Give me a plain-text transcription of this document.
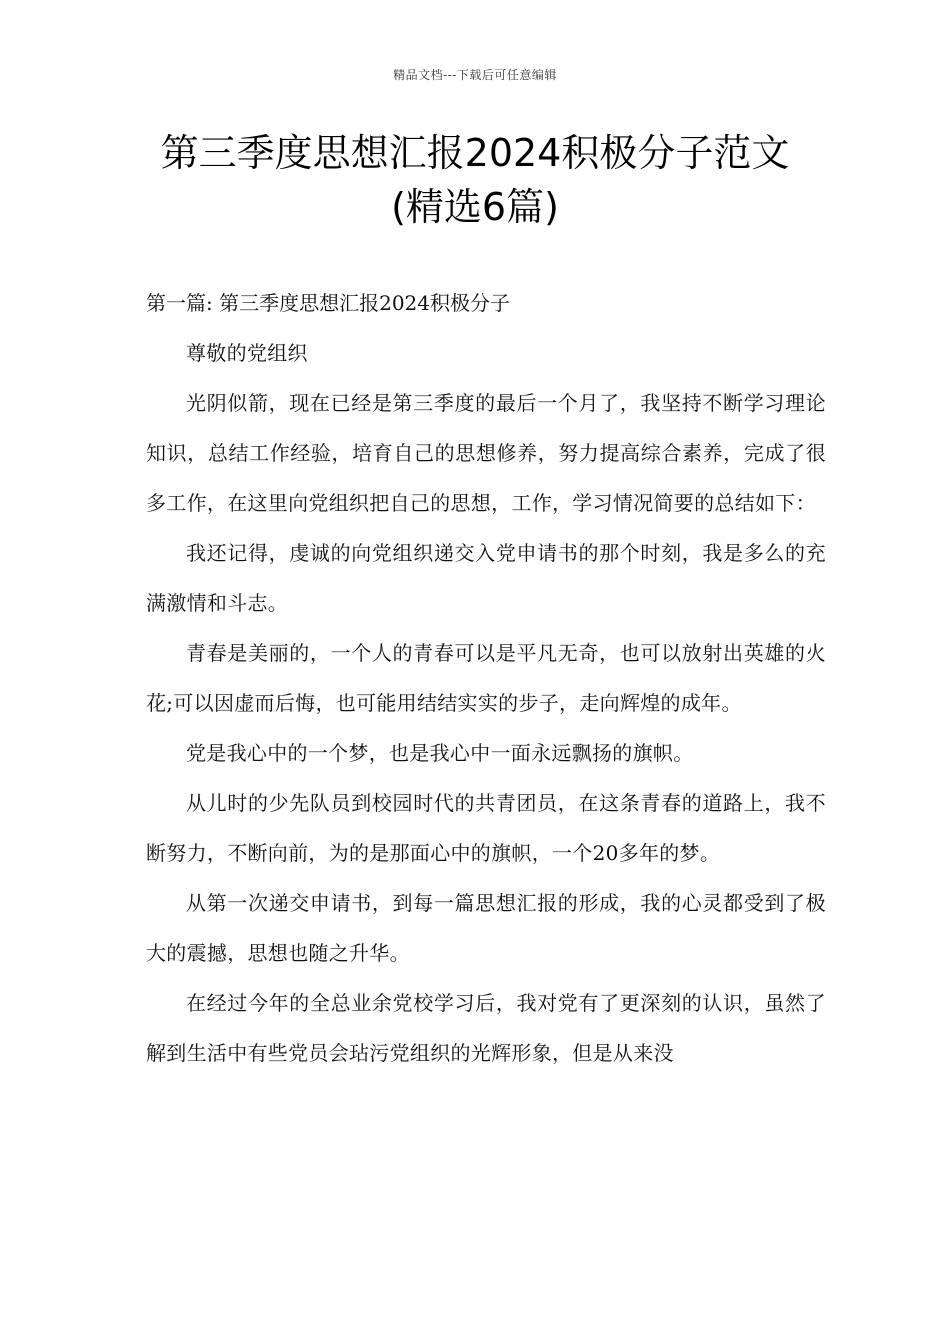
精品文档---下载后可任意编辑
第三季度思想汇报2024积极分子范文
(精选6篇)

第一篇: 第三季度思想汇报2024积极分子

尊敬的党组织

光阴似箭，现在已经是第三季度的最后一个月了，我坚持不断学习理论知识，总结工作经验，培育自己的思想修养，努力提高综合素养，完成了很多工作，在这里向党组织把自己的思想，工作，学习情况简要的总结如下：

我还记得，虔诚的向党组织递交入党申请书的那个时刻，我是多么的充满激情和斗志。

青春是美丽的，一个人的青春可以是平凡无奇，也可以放射出英雄的火花;可以因虚而后悔，也可能用结结实实的步子，走向辉煌的成年。

党是我心中的一个梦，也是我心中一面永远飘扬的旗帜。

从儿时的少先队员到校园时代的共青团员，在这条青春的道路上，我不断努力，不断向前，为的是那面心中的旗帜，一个20多年的梦。

从第一次递交申请书，到每一篇思想汇报的形成，我的心灵都受到了极大的震撼，思想也随之升华。

在经过今年的全总业余党校学习后，我对党有了更深刻的认识，虽然了解到生活中有些党员会玷污党组织的光辉形象，但是从来没
